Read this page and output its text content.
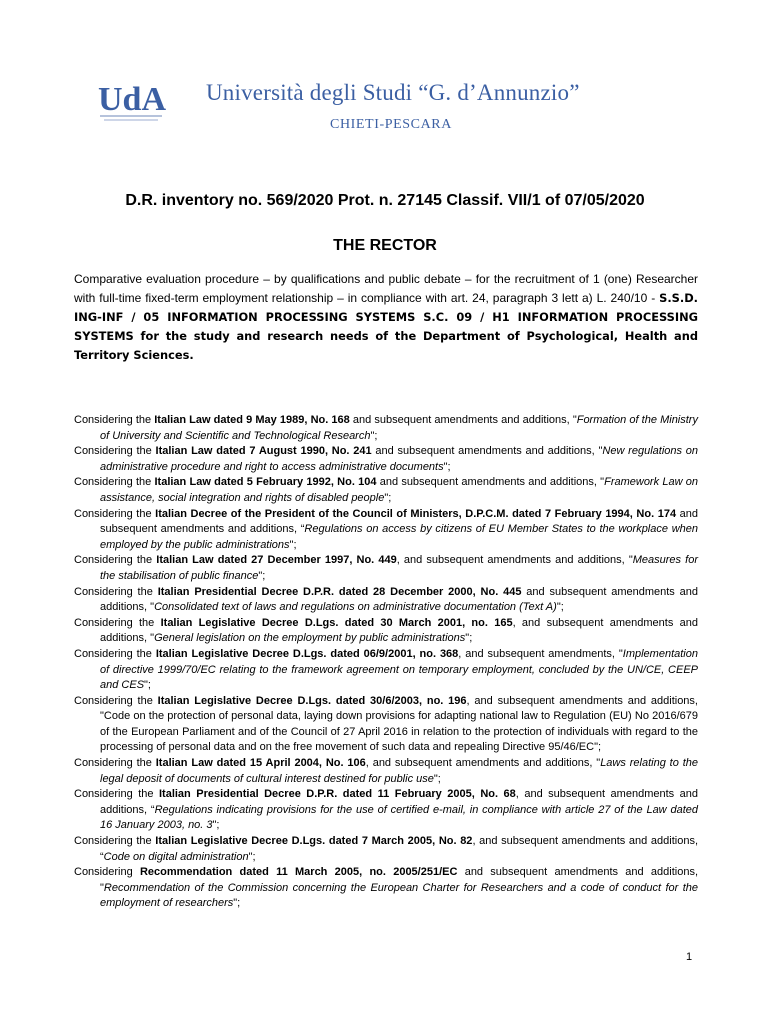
UdA Università degli Studi “G. d’Annunzio”
CHIETI-PESCARA
D.R. inventory no. 569/2020 Prot. n. 27145 Classif. VII/1 of 07/05/2020
THE RECTOR
Comparative evaluation procedure – by qualifications and public debate – for the recruitment of 1 (one) Researcher with full-time fixed-term employment relationship – in compliance with art. 24, paragraph 3 lett a) L. 240/10 - S.S.D. ING-INF / 05 INFORMATION PROCESSING SYSTEMS S.C. 09 / H1 INFORMATION PROCESSING SYSTEMS for the study and research needs of the Department of Psychological, Health and Territory Sciences.

Considering the Italian Law dated 9 May 1989, No. 168 and subsequent amendments and additions, "Formation of the Ministry of University and Scientific and Technological Research";

Considering the Italian Law dated 7 August 1990, No. 241 and subsequent amendments and additions, "New regulations on administrative procedure and right to access administrative documents";

Considering the Italian Law dated 5 February 1992, No. 104 and subsequent amendments and additions, "Framework Law on assistance, social integration and rights of disabled people";

Considering the Italian Decree of the President of the Council of Ministers, D.P.C.M. dated 7 February 1994, No. 174 and subsequent amendments and additions, “Regulations on access by citizens of EU Member States to the workplace when employed by the public administrations";

Considering the Italian Law dated 27 December 1997, No. 449, and subsequent amendments and additions, "Measures for the stabilisation of public finance";

Considering the Italian Presidential Decree D.P.R. dated 28 December 2000, No. 445 and subsequent amendments and additions, "Consolidated text of laws and regulations on administrative documentation (Text A)";

Considering the Italian Legislative Decree D.Lgs. dated 30 March 2001, no. 165, and subsequent amendments and additions, "General legislation on the employment by public administrations";

Considering the Italian Legislative Decree D.Lgs. dated 06/9/2001, no. 368, and subsequent amendments, "Implementation of directive 1999/70/EC relating to the framework agreement on temporary employment, concluded by the UN/CE, CEEP and CES";

Considering the Italian Legislative Decree D.Lgs. dated 30/6/2003, no. 196, and subsequent amendments and additions, "Code on the protection of personal data, laying down provisions for adapting national law to Regulation (EU) No 2016/679 of the European Parliament and of the Council of 27 April 2016 in relation to the protection of individuals with regard to the processing of personal data and on the free movement of such data and repealing Directive 95/46/EC";

Considering the Italian Law dated 15 April 2004, No. 106, and subsequent amendments and additions, "Laws relating to the legal deposit of documents of cultural interest destined for public use";

Considering the Italian Presidential Decree D.P.R. dated 11 February 2005, No. 68, and subsequent amendments and additions, “Regulations indicating provisions for the use of certified e-mail, in compliance with article 27 of the Law dated 16 January 2003, no. 3";

Considering the Italian Legislative Decree D.Lgs. dated 7 March 2005, No. 82, and subsequent amendments and additions, “Code on digital administration";

Considering Recommendation dated 11 March 2005, no. 2005/251/EC and subsequent amendments and additions, "Recommendation of the Commission concerning the European Charter for Researchers and a code of conduct for the employment of researchers";

1
